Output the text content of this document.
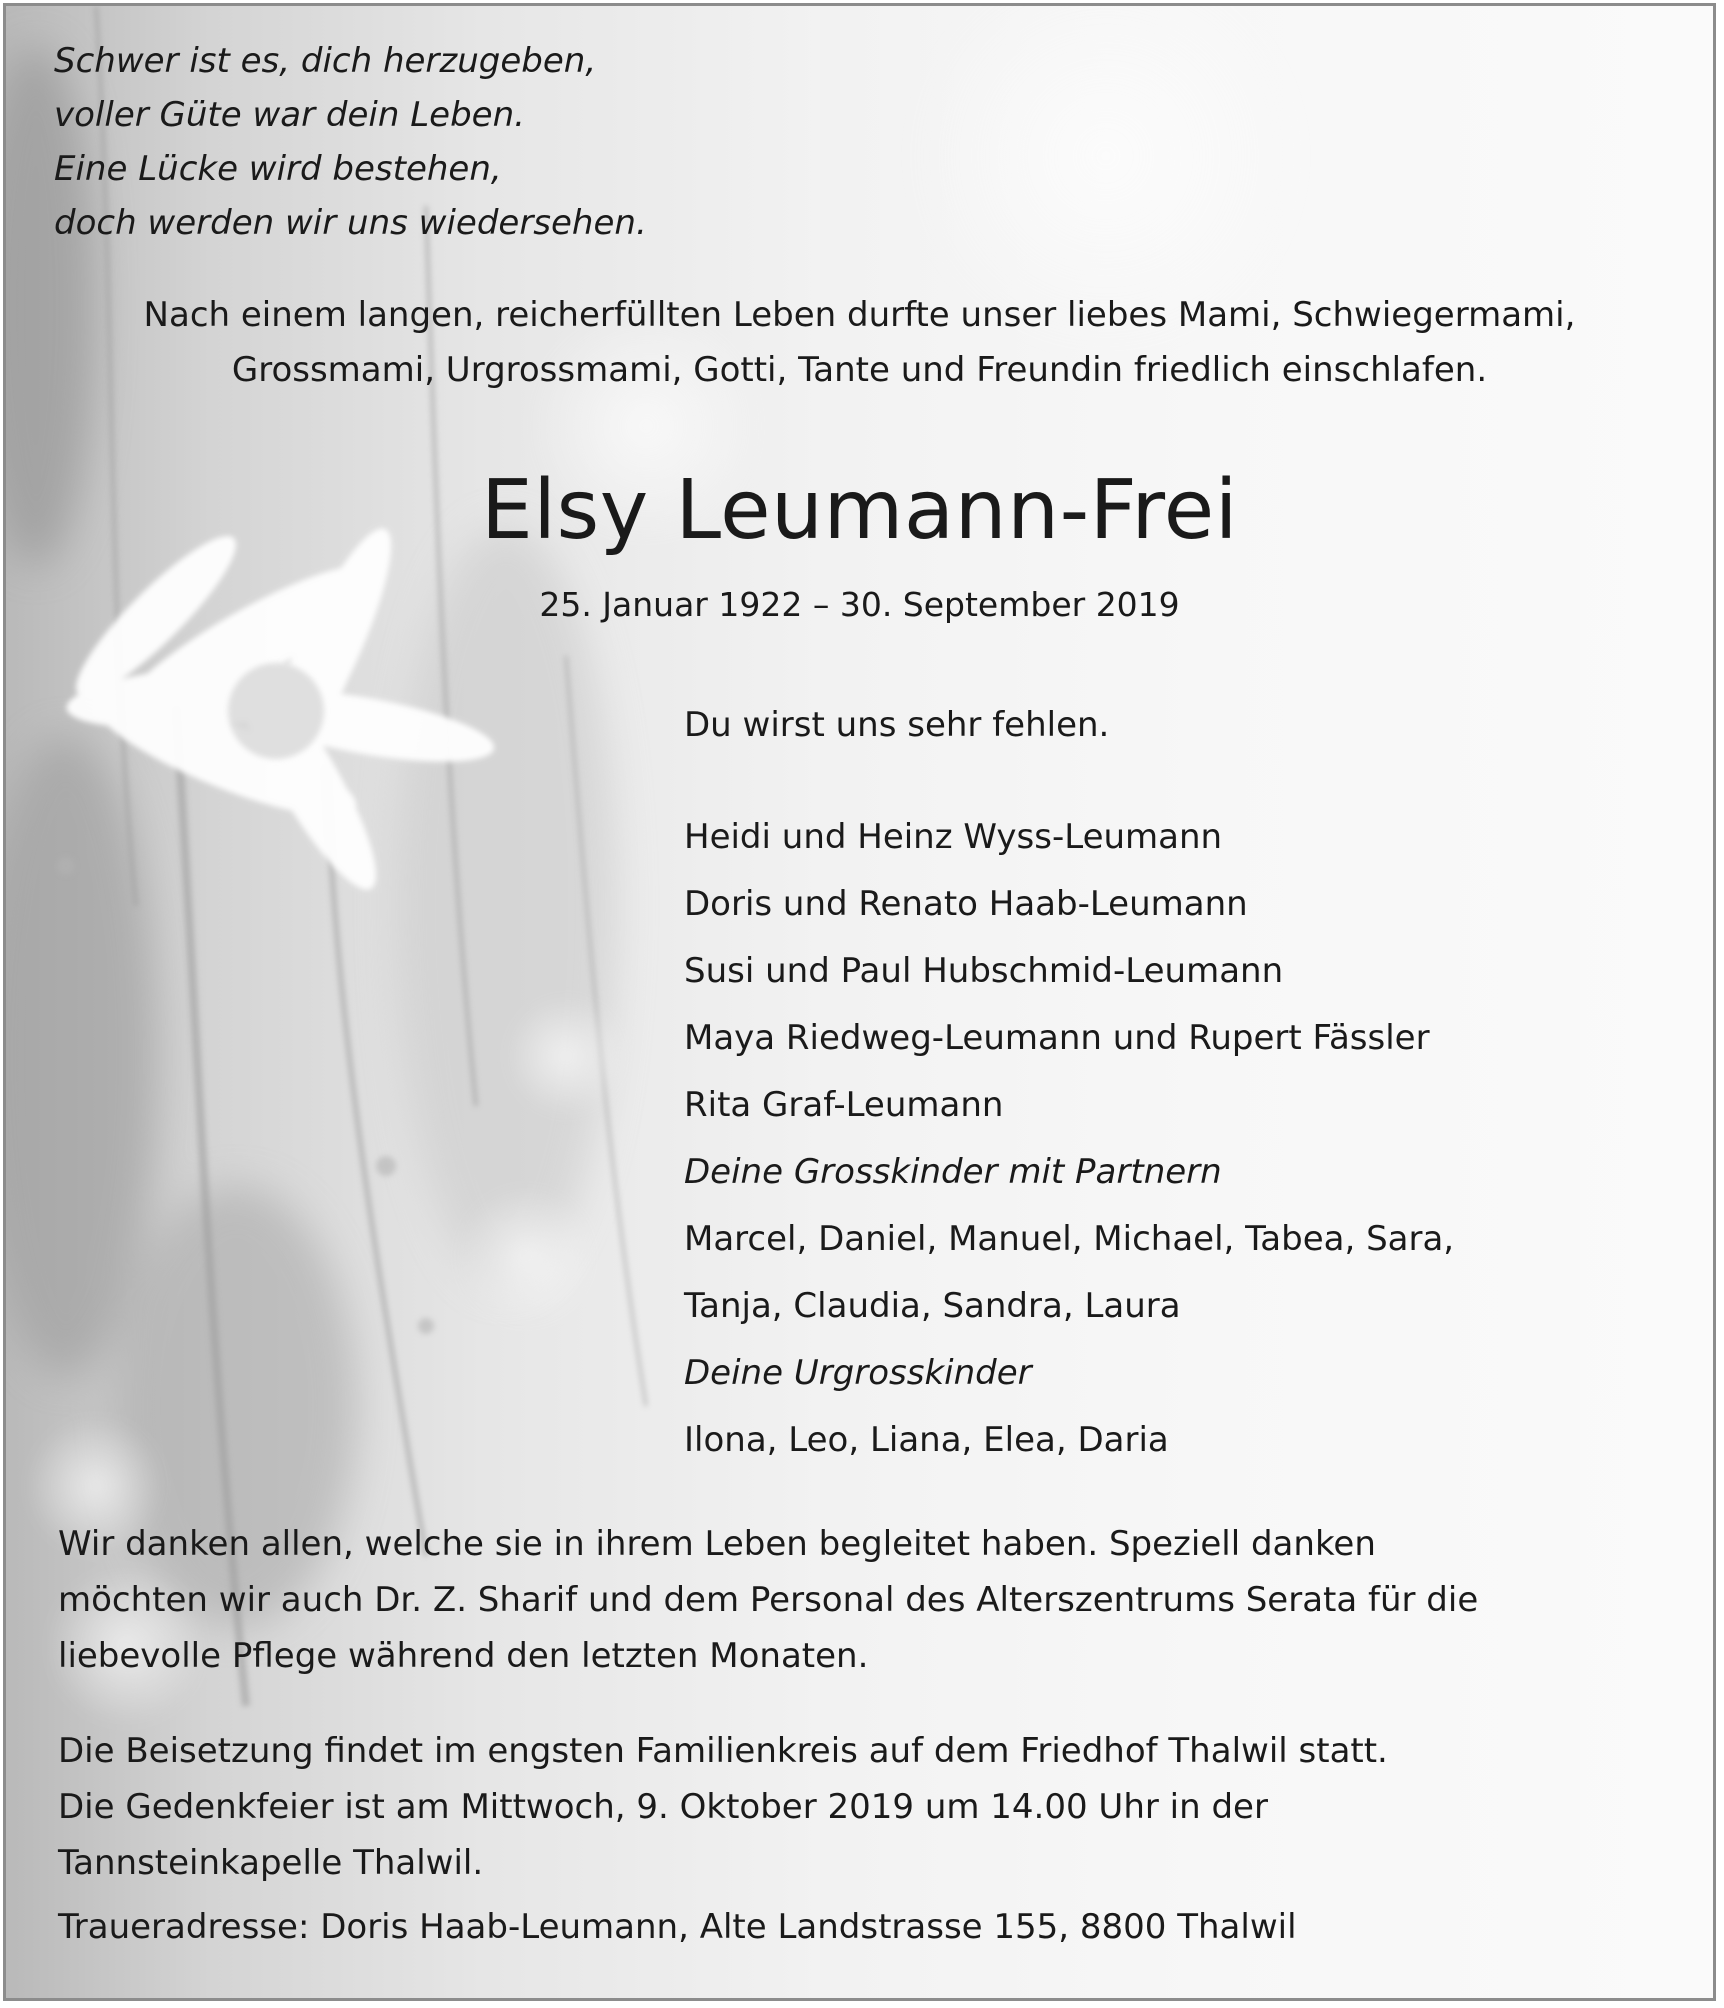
Schwer ist es, dich herzugeben,
voller Güte war dein Leben.
Eine Lücke wird bestehen,
doch werden wir uns wiedersehen.
Nach einem langen, reicherfüllten Leben durfte unser liebes Mami, Schwiegermami,
Grossmami, Urgrossmami, Gotti, Tante und Freundin friedlich einschlafen.
Elsy Leumann-Frei
25. Januar 1922 – 30. September 2019
Du wirst uns sehr fehlen.
Heidi und Heinz Wyss-Leumann
Doris und Renato Haab-Leumann
Susi und Paul Hubschmid-Leumann
Maya Riedweg-Leumann und Rupert Fässler
Rita Graf-Leumann
Deine Grosskinder mit Partnern
Marcel, Daniel, Manuel, Michael, Tabea, Sara,
Tanja, Claudia, Sandra, Laura
Deine Urgrosskinder
Ilona, Leo, Liana, Elea, Daria
Wir danken allen, welche sie in ihrem Leben begleitet haben. Speziell danken
möchten wir auch Dr. Z. Sharif und dem Personal des Alterszentrums Serata für die
liebevolle Pflege während den letzten Monaten.
Die Beisetzung findet im engsten Familienkreis auf dem Friedhof Thalwil statt.
Die Gedenkfeier ist am Mittwoch, 9. Oktober 2019 um 14.00 Uhr in der
Tannsteinkapelle Thalwil.
Traueradresse: Doris Haab-Leumann, Alte Landstrasse 155, 8800 Thalwil
